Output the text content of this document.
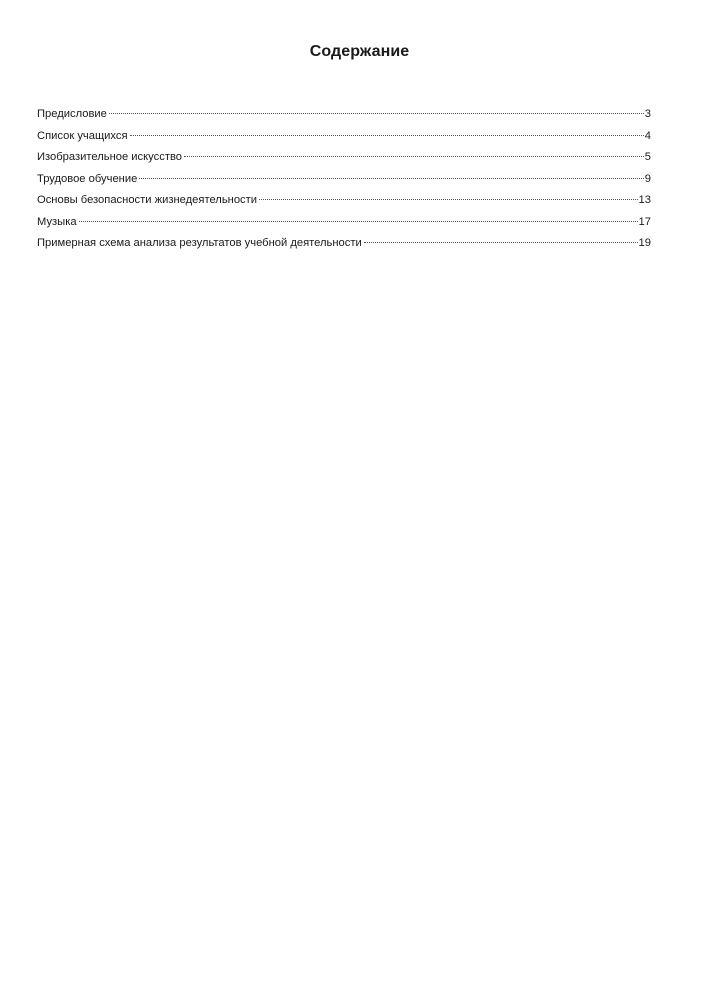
Содержание
Предисловие	3
Список учащихся	4
Изобразительное искусство	5
Трудовое обучение	9
Основы безопасности жизнедеятельности	13
Музыка	17
Примерная схема анализа результатов учебной деятельности	19
